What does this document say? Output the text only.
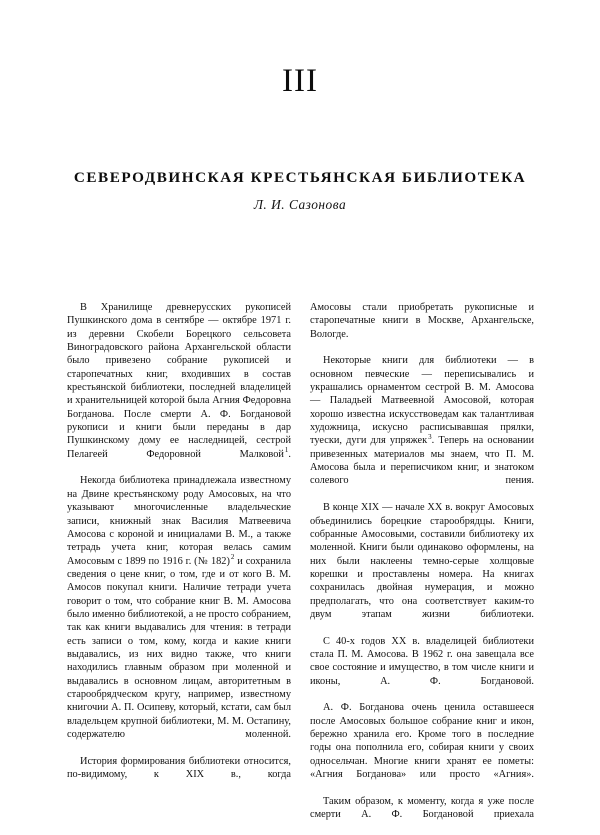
III
СЕВЕРОДВИНСКАЯ КРЕСТЬЯНСКАЯ БИБЛИОТЕКА
Л. И. Сазонова

В Хранилище древнерусских рукописей Пушкинского дома в сентябре — октябре 1971 г. из деревни Скобели Борецкого сельсовета Виноградовского района Архангельской области было привезено собрание рукописей и старопечатных книг, входивших в состав крестьянской библиотеки, последней владелицей и хранительницей которой была Агния Федоровна Богданова. После смерти А. Ф. Богдановой рукописи и книги были переданы в дар Пушкинскому дому ее наследницей, сестрой Пелагеей Федоровной Малковой$^1$.

Некогда библиотека принадлежала известному на Двине крестьянскому роду Амосовых, на что указывают многочисленные владельческие записи, книжный знак Василия Матвеевича Амосова с короной и инициалами В. М., а также тетрадь учета книг, которая велась самим Амосовым с 1899 по 1916 г. (№ 182)$^2$ и сохранила сведения о цене книг, о том, где и от кого В. М. Амосов покупал книги. Наличие тетради учета говорит о том, что собрание книг В. М. Амосова было именно библиотекой, а не просто собранием, так как книги выдавались для чтения: в тетради есть записи о том, кому, когда и какие книги выдавались, из них видно также, что книги находились главным образом при моленной и выдавались в основном лицам, авторитетным в старообрядческом кругу, например, известному книгочии А. П. Осипеву, который, кстати, сам был владельцем крупной библиотеки, М. М. Остапину, содержателю моленной.

История формирования библиотеки относится, по-видимому, к XIX в., когда

Амосовы стали приобретать рукописные и старопечатные книги в Москве, Архангельске, Вологде.

Некоторые книги для библиотеки — в основном певческие — переписывались и украшались орнаментом сестрой В. М. Амосова — Паладьей Матвеевной Амосовой, которая хорошо известна искусствоведам как талантливая художница, искусно расписывавшая прялки, туески, дуги для упряжек$^3$. Теперь на основании привезенных материалов мы знаем, что П. М. Амосова была и переписчиком книг, и знатоком солевого пения.

В конце XIX — начале XX в. вокруг Амосовых объединились борецкие старообрядцы. Книги, собранные Амосовыми, составили библиотеку их моленной. Книги были одинаково оформлены, на них были наклеены темно-серые холщовые корешки и проставлены номера. На книгах сохранилась двойная нумерация, и можно предполагать, что она соответствует каким-то двум этапам жизни библиотеки.

С 40-х годов XX в. владелицей библиотеки стала П. М. Амосова. В 1962 г. она завещала все свое состояние и имущество, в том числе книги и иконы, А. Ф. Богдановой.

А. Ф. Богданова очень ценила оставшееся после Амосовых большое собрание книг и икон, бережно хранила его. Кроме того в последние годы она пополнила его, собирая книги у своих односельчан. Многие книги хранят ее пометы: «Агния Богданова» или просто «Агния».

Таким образом, к моменту, когда я уже после смерти А. Ф. Богдановой приехала
